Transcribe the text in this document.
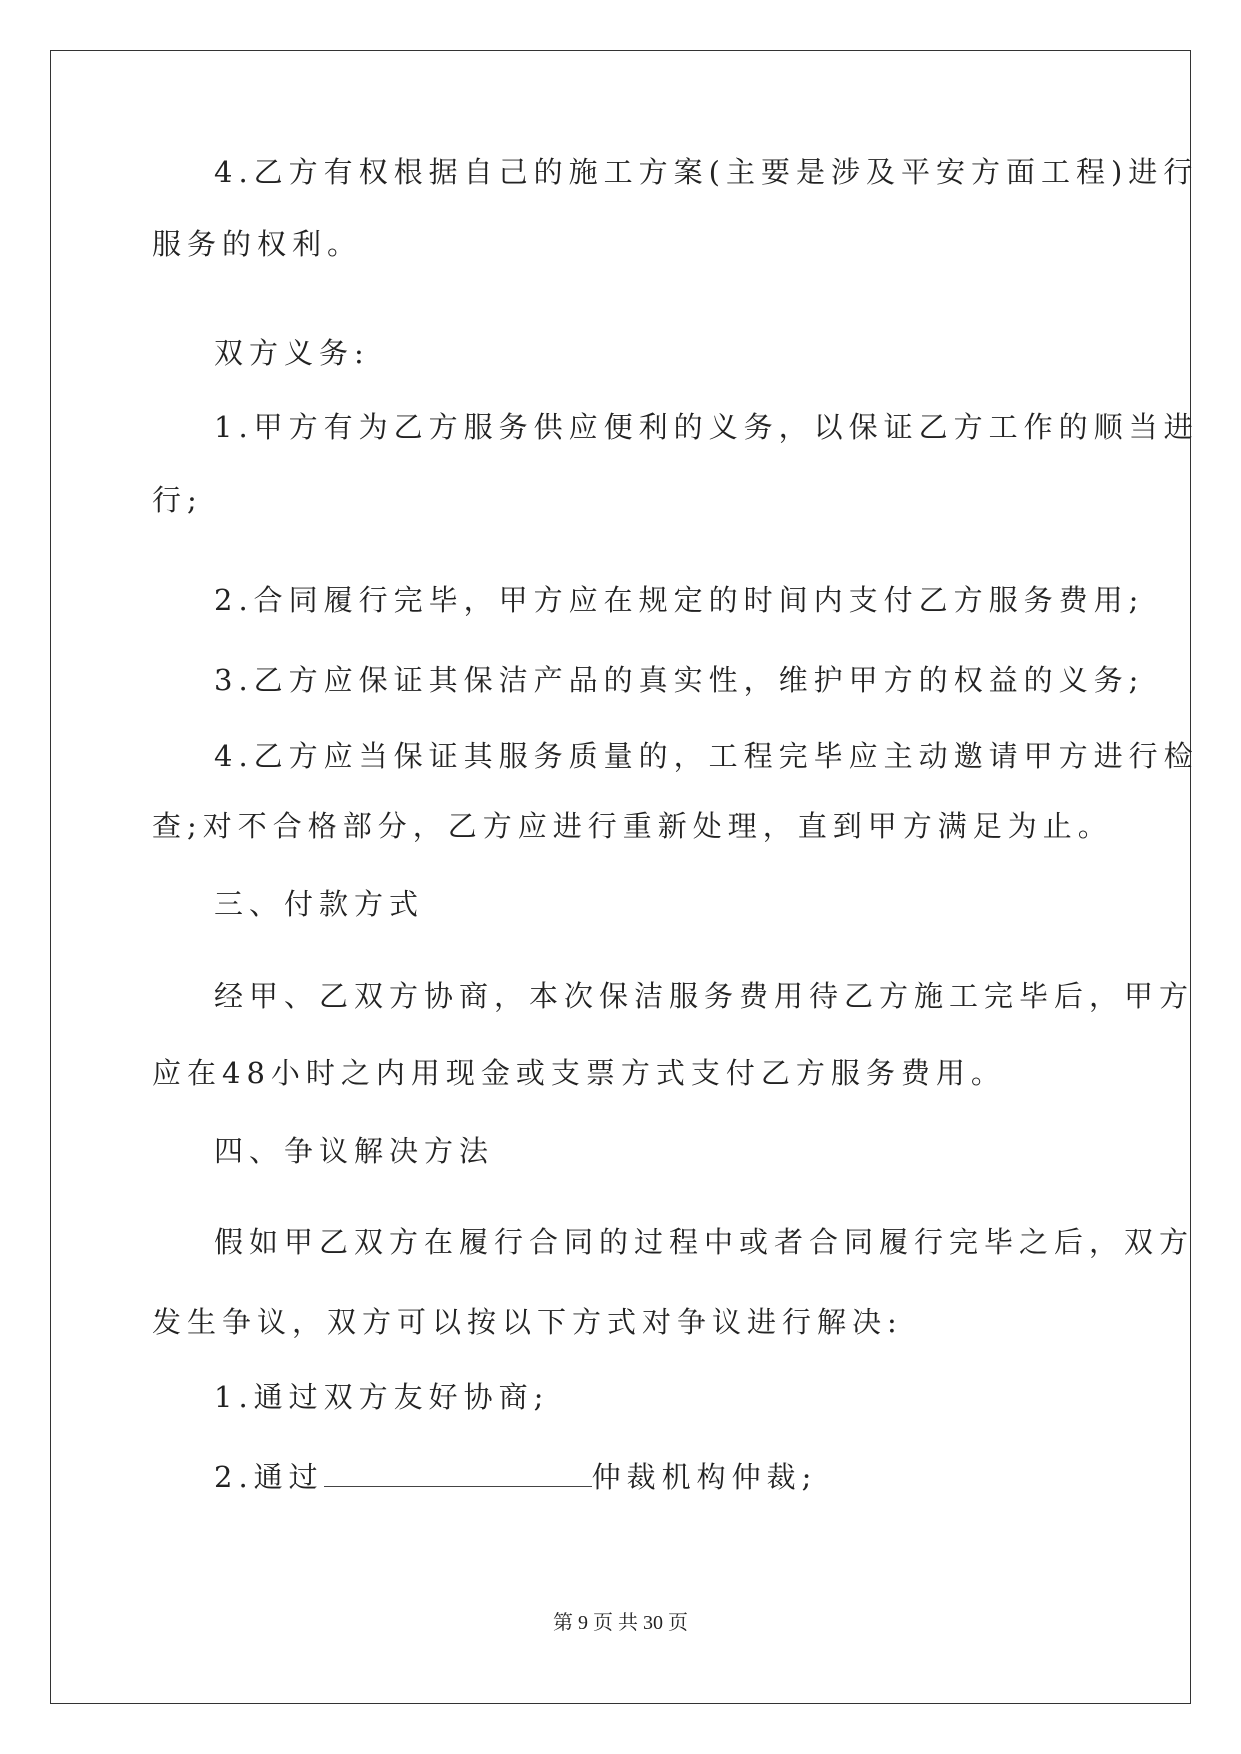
4.乙方有权根据自己的施工方案(主要是涉及平安方面工程)进行

服务的权利。

双方义务:

1.甲方有为乙方服务供应便利的义务，以保证乙方工作的顺当进

行;

2.合同履行完毕，甲方应在规定的时间内支付乙方服务费用;

3.乙方应保证其保洁产品的真实性，维护甲方的权益的义务;

4.乙方应当保证其服务质量的，工程完毕应主动邀请甲方进行检

查;对不合格部分，乙方应进行重新处理，直到甲方满足为止。

三、付款方式

经甲、乙双方协商，本次保洁服务费用待乙方施工完毕后，甲方

应在48小时之内用现金或支票方式支付乙方服务费用。

四、争议解决方法

假如甲乙双方在履行合同的过程中或者合同履行完毕之后，双方

发生争议，双方可以按以下方式对争议进行解决:

1.通过双方友好协商;

2.通过	仲裁机构仲裁;

第 9 页 共 30 页
